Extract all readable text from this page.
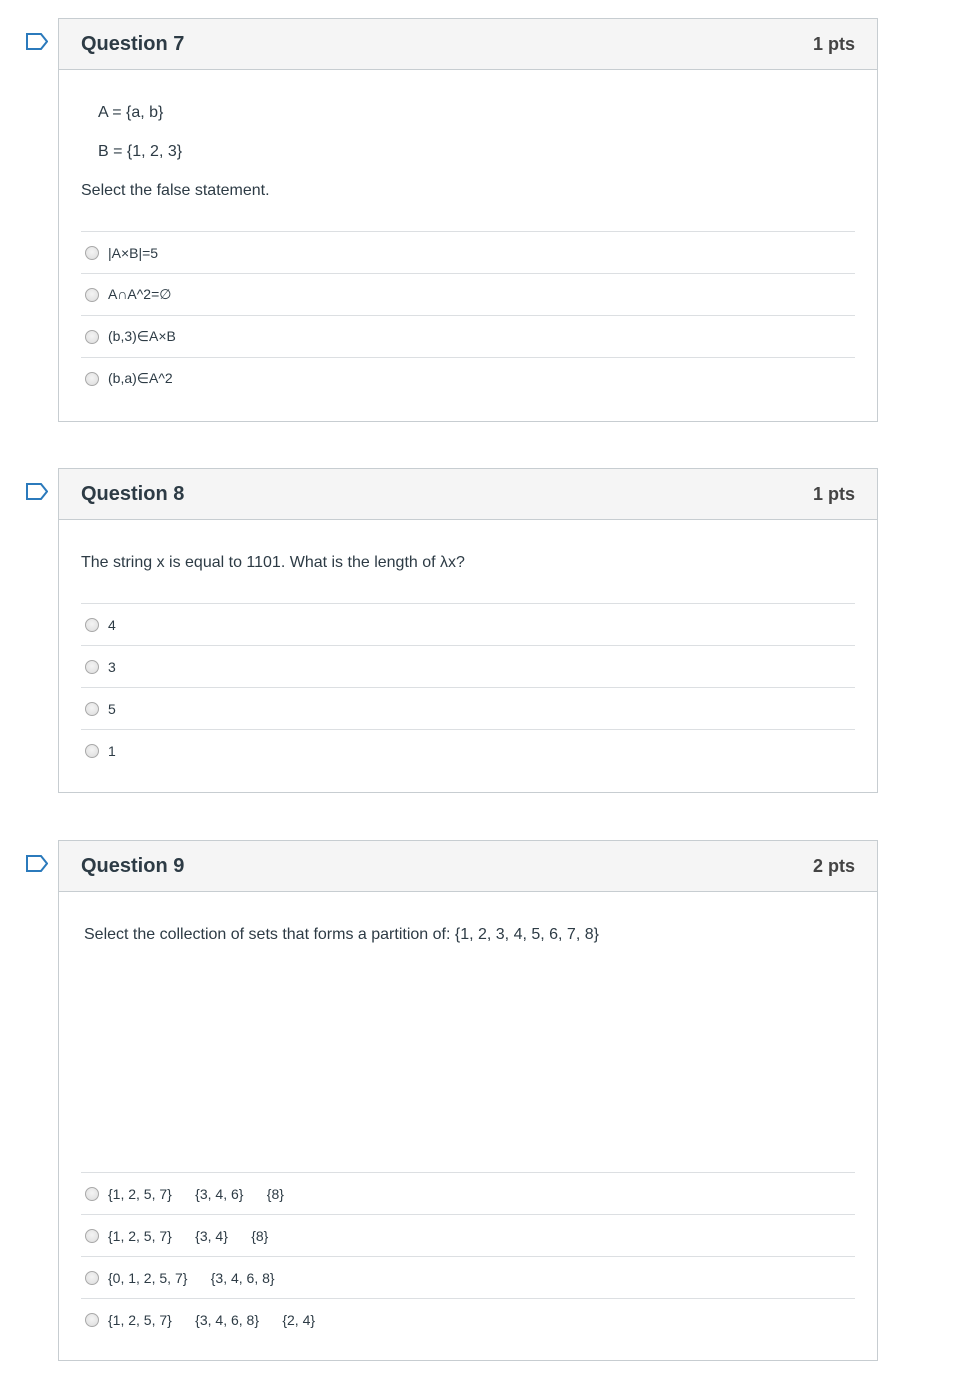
Question 7	1 pts
A = {a, b}
B = {1, 2, 3}
Select the false statement.
|A×B|=5
A∩A^2=∅
(b,3)∈A×B
(b,a)∈A^2
Question 8	1 pts
The string x is equal to 1101. What is the length of λx?
4
3
5
1
Question 9	2 pts
Select the collection of sets that forms a partition of: {1, 2, 3, 4, 5, 6, 7, 8}
{1, 2, 5, 7}      {3, 4, 6}      {8}
{1, 2, 5, 7}      {3, 4}      {8}
{0, 1, 2, 5, 7}      {3, 4, 6, 8}
{1, 2, 5, 7}      {3, 4, 6, 8}      {2, 4}
